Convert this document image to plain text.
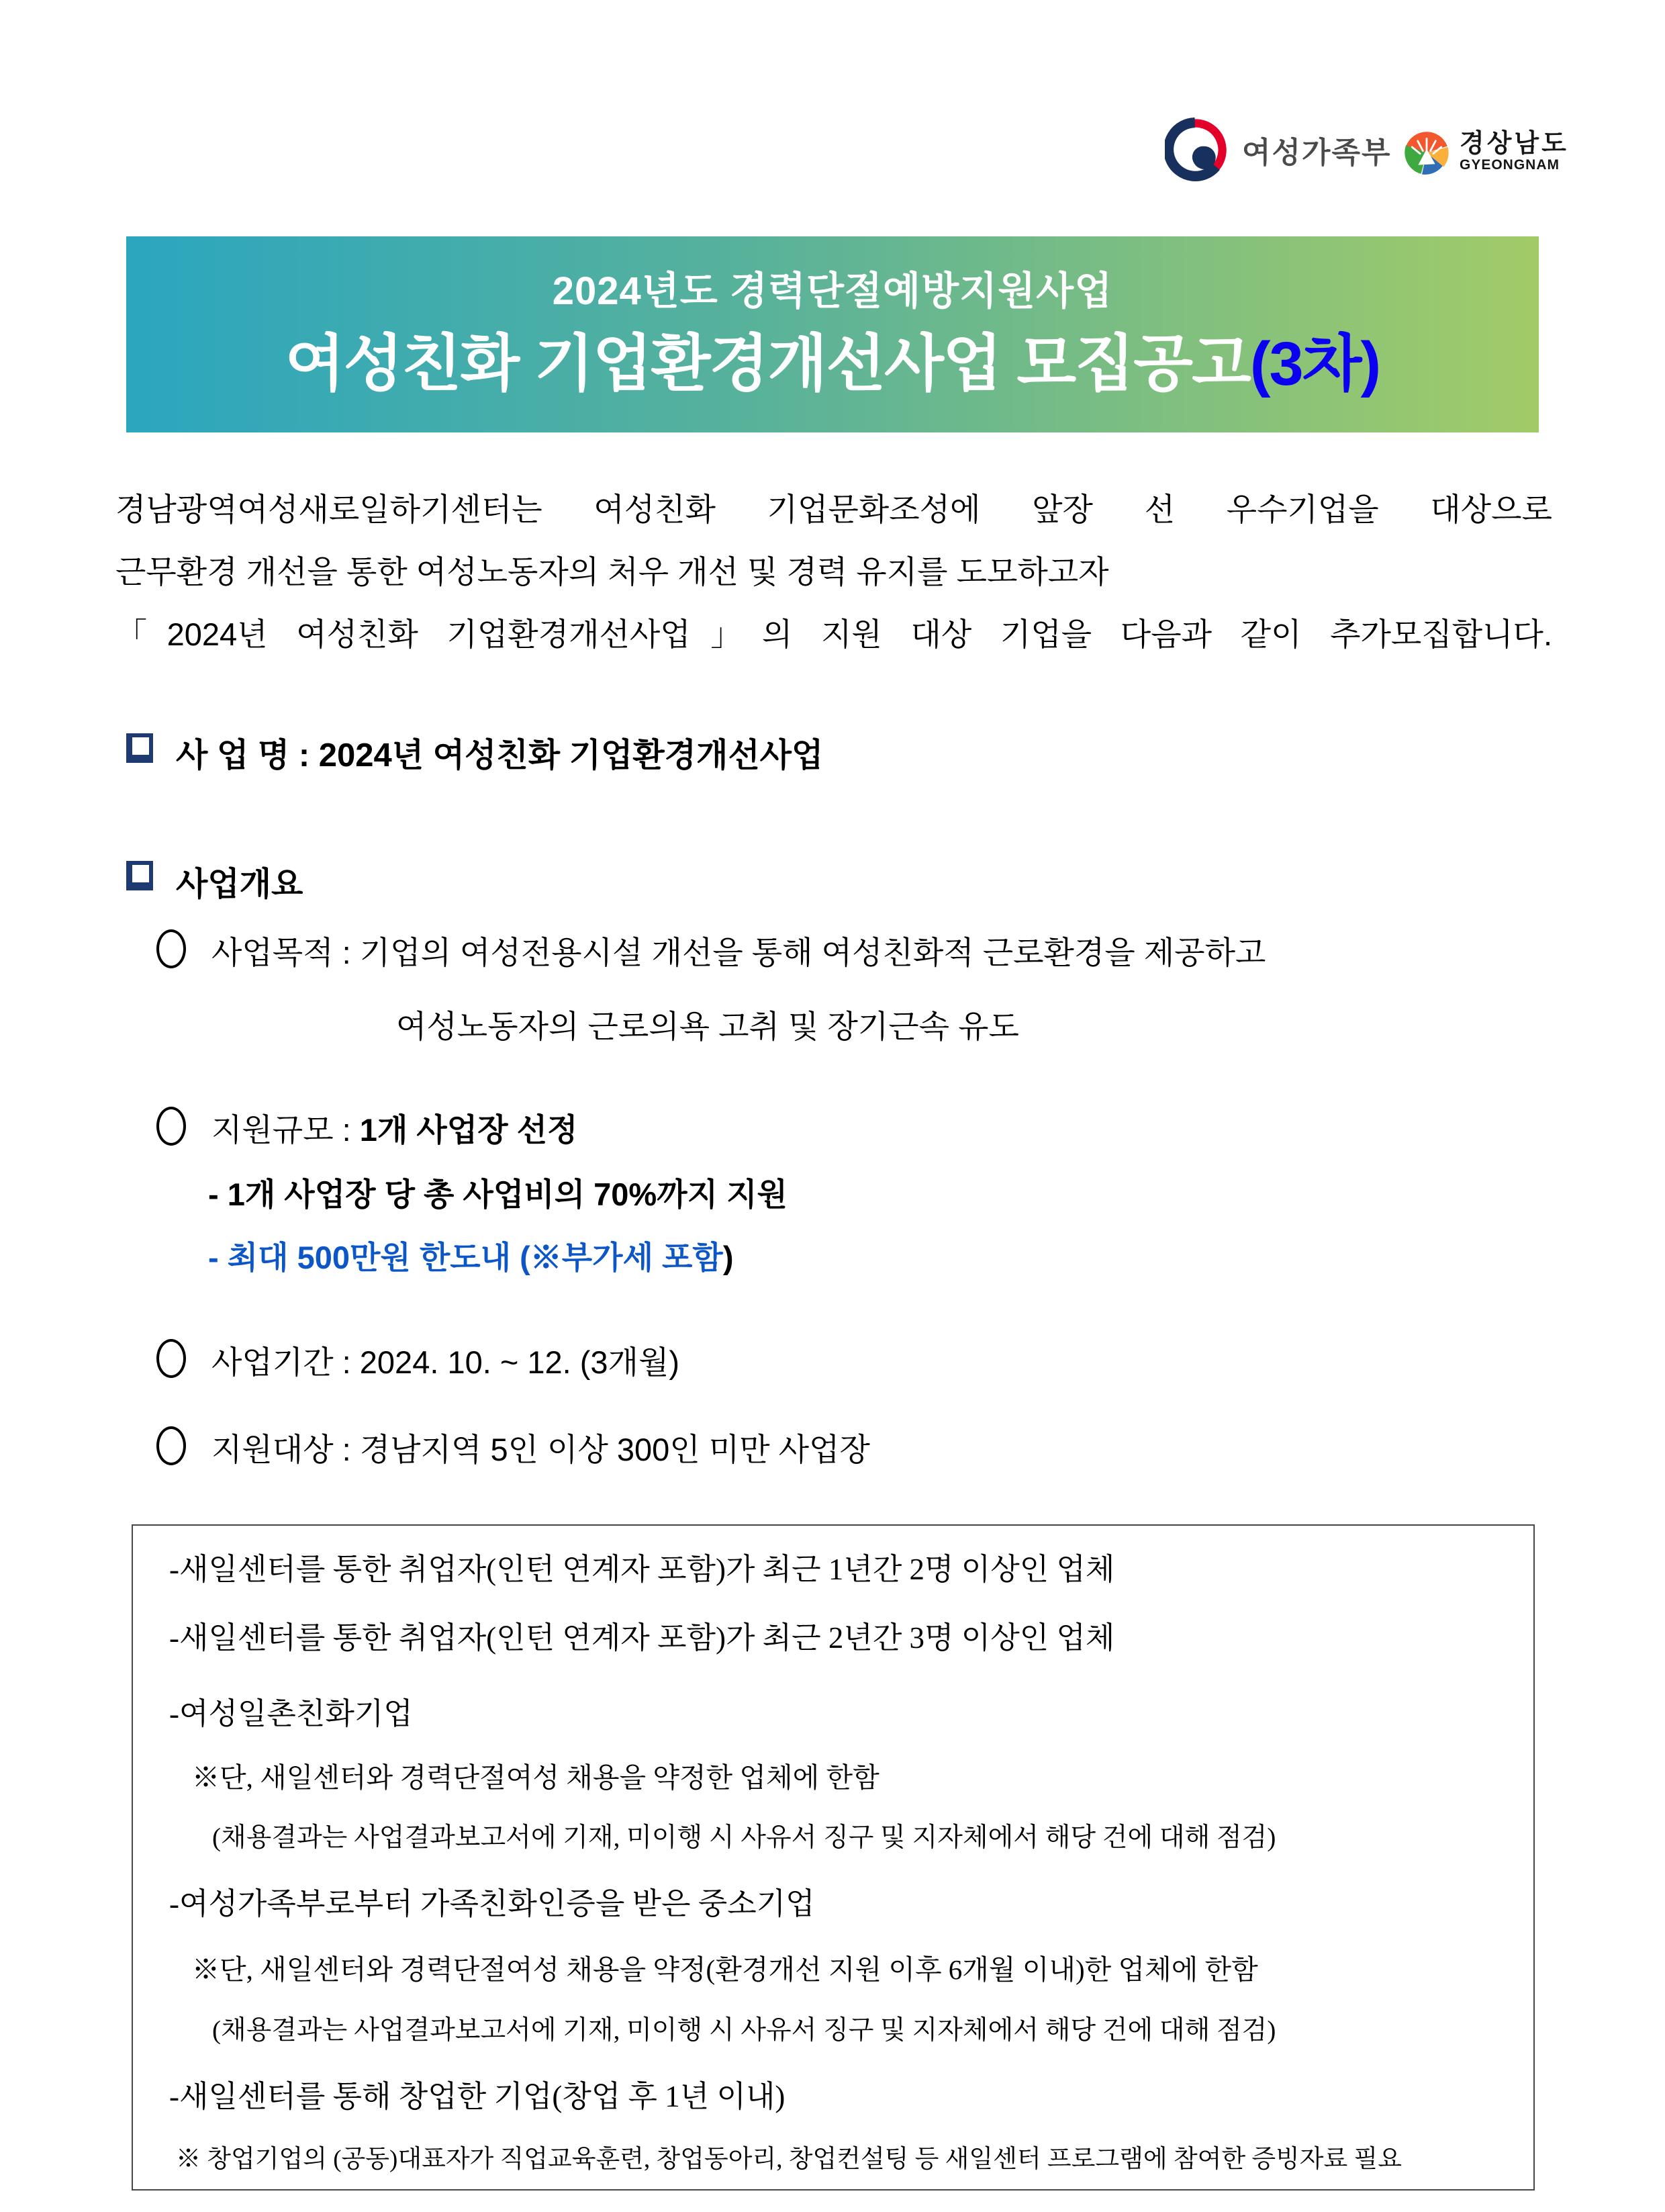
여성가족부	경상남도
GYEONGNAM
2024년도 경력단절예방지원사업
여성친화 기업환경개선사업 모집공고(3차)
경남광역여성새로일하기센터는 여성친화 기업문화조성에 앞장 선 우수기업을 대상으로
근무환경 개선을 통한 여성노동자의 처우 개선 및 경력 유지를 도모하고자
「2024년 여성친화 기업환경개선사업」의 지원 대상 기업을 다음과 같이 추가모집합니다.
사 업 명 : 2024년 여성친화 기업환경개선사업
사업개요
사업목적 : 기업의 여성전용시설 개선을 통해 여성친화적 근로환경을 제공하고
여성노동자의 근로의욕 고취 및 장기근속 유도
지원규모 : 1개 사업장 선정
- 1개 사업장 당 총 사업비의 70%까지 지원
- 최대 500만원 한도내 (※부가세 포함)
사업기간 : 2024. 10. ~ 12. (3개월)
지원대상 : 경남지역 5인 이상 300인 미만 사업장
-새일센터를 통한 취업자(인턴 연계자 포함)가 최근 1년간 2명 이상인 업체
-새일센터를 통한 취업자(인턴 연계자 포함)가 최근 2년간 3명 이상인 업체
-여성일촌친화기업
※단, 새일센터와 경력단절여성 채용을 약정한 업체에 한함
(채용결과는 사업결과보고서에 기재, 미이행 시 사유서 징구 및 지자체에서 해당 건에 대해 점검)
-여성가족부로부터 가족친화인증을 받은 중소기업
※단, 새일센터와 경력단절여성 채용을 약정(환경개선 지원 이후 6개월 이내)한 업체에 한함
(채용결과는 사업결과보고서에 기재, 미이행 시 사유서 징구 및 지자체에서 해당 건에 대해 점검)
-새일센터를 통해 창업한 기업(창업 후 1년 이내)
※ 창업기업의 (공동)대표자가 직업교육훈련, 창업동아리, 창업컨설팅 등 새일센터 프로그램에 참여한 증빙자료 필요
